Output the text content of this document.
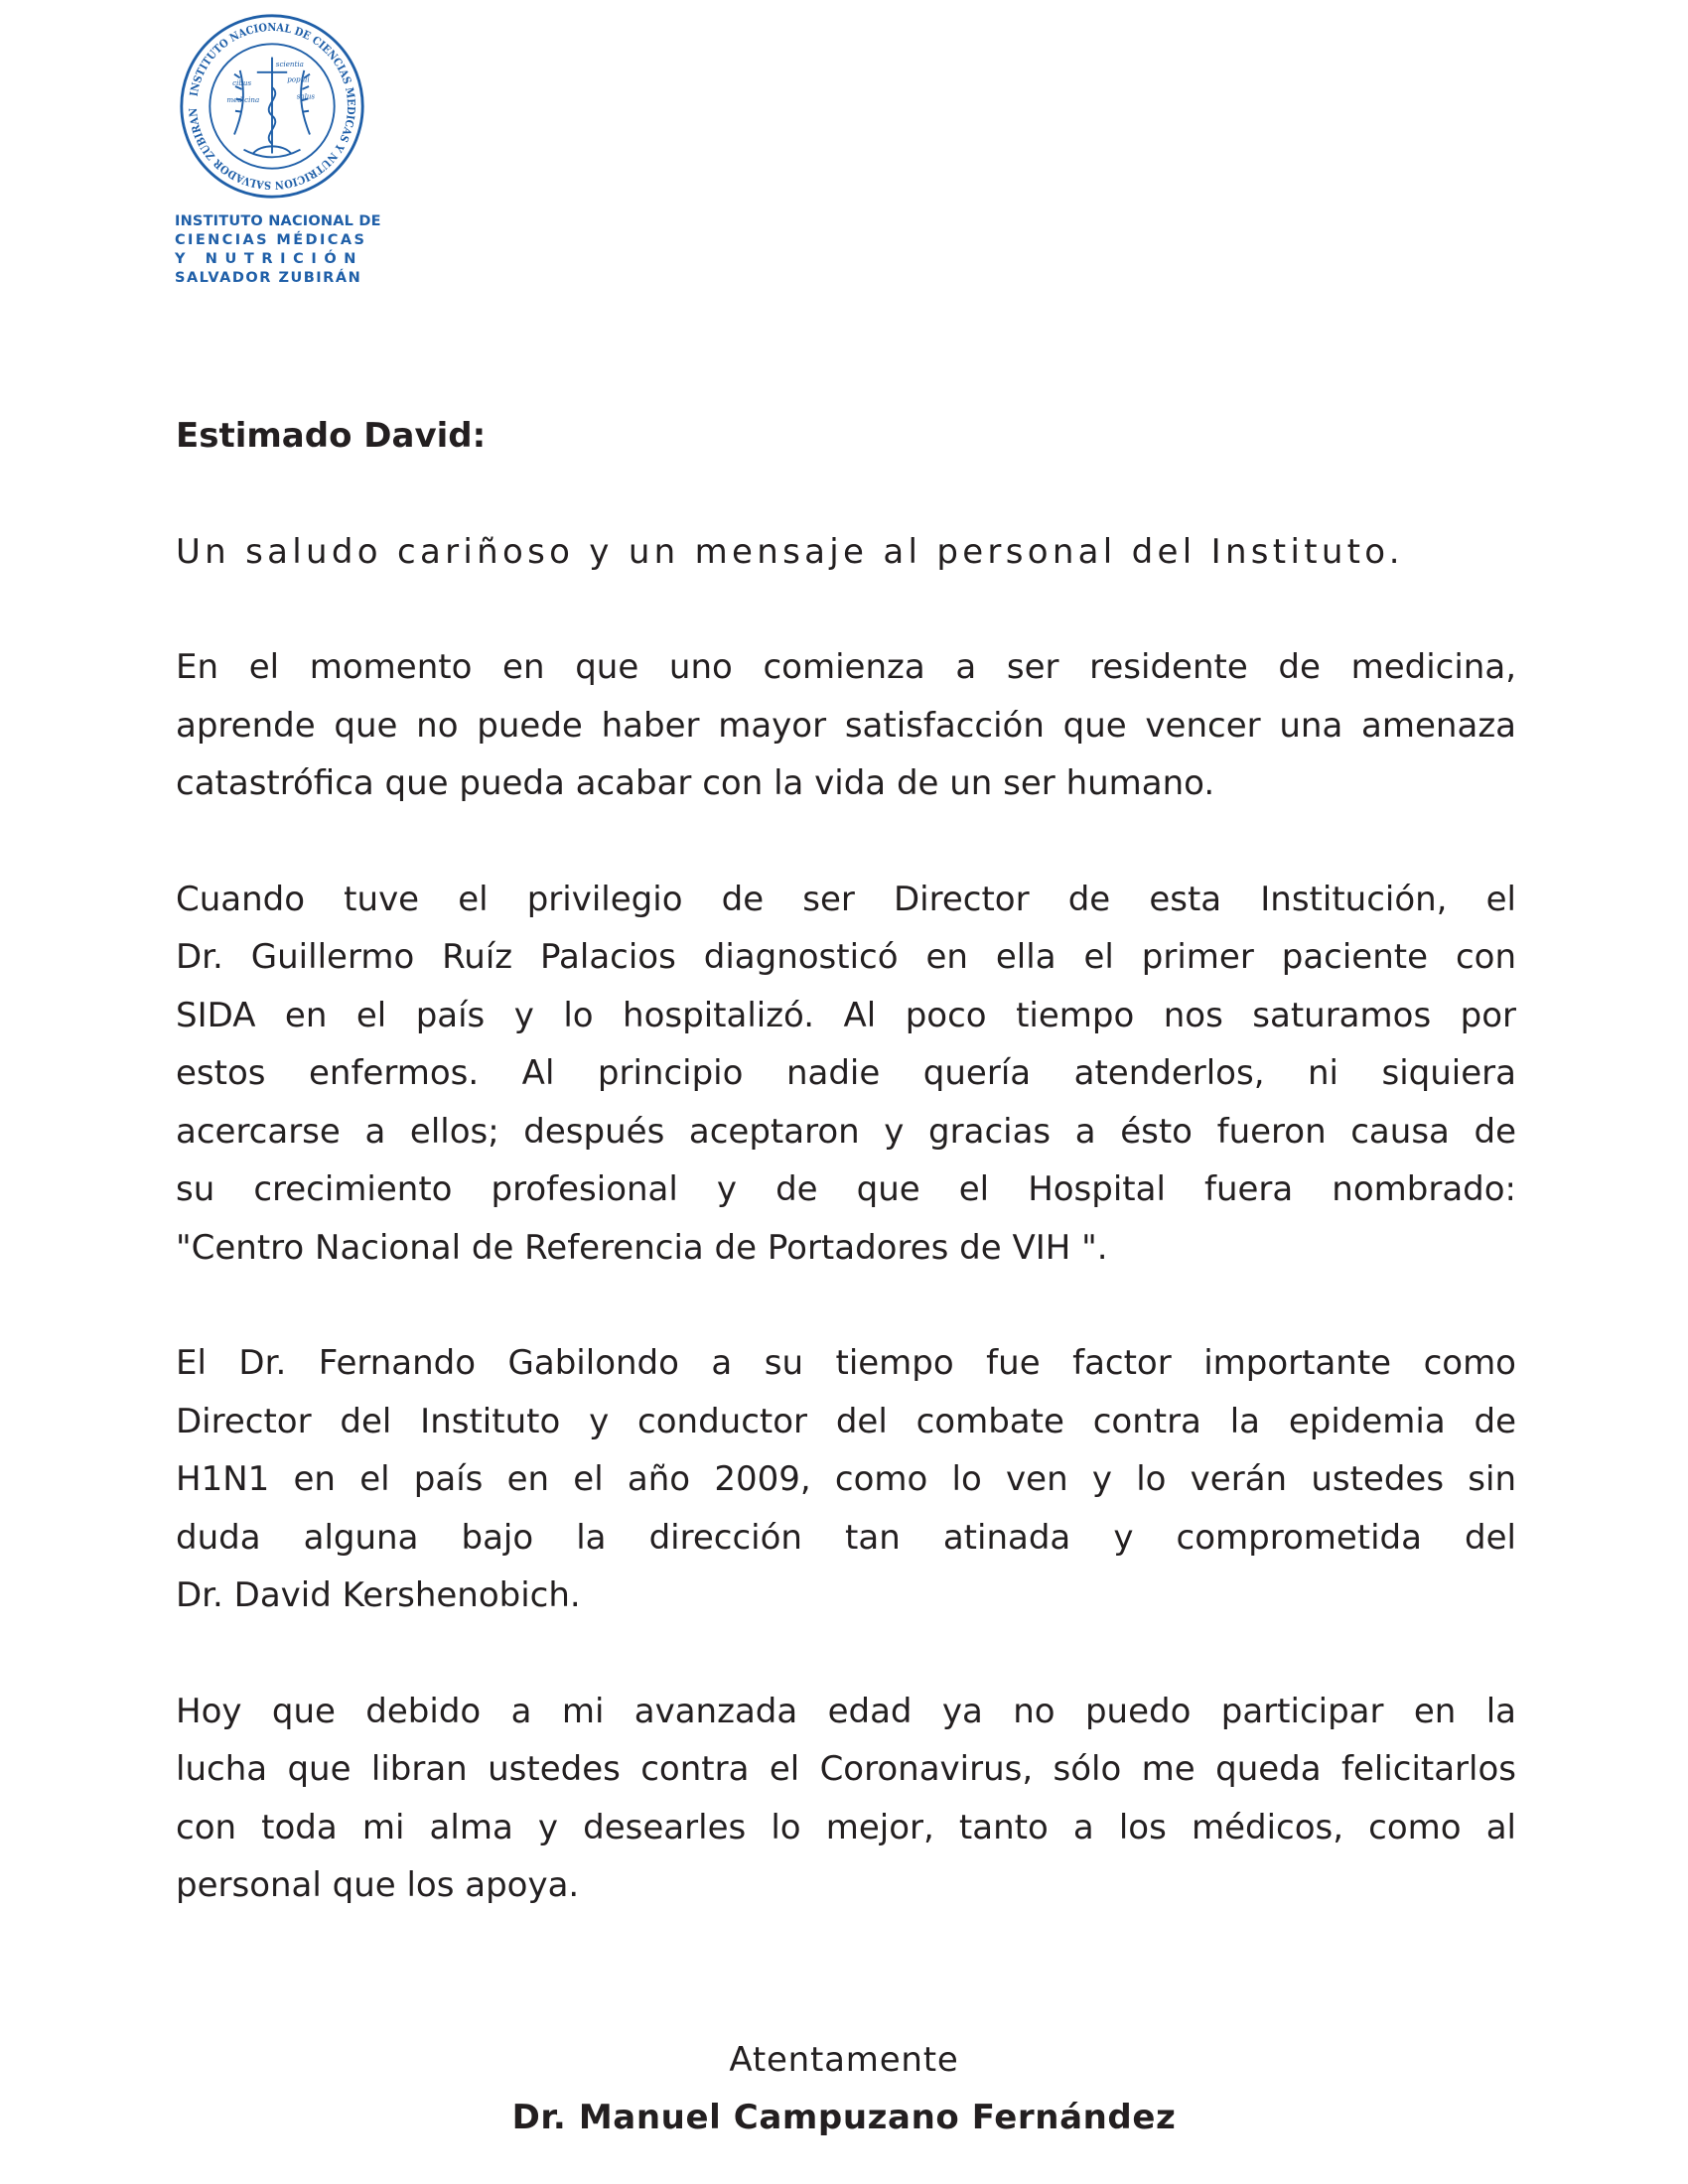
INSTITUTO NACIONAL DE CIENCIAS MEDICAS Y NUTRICION SALVADOR ZUBIRAN
scientia
populi
salus
cibus
medicina
INSTITUTO NACIONAL DE
CIENCIAS MÉDICAS
Y NUTRICIÓN
SALVADOR ZUBIRÁN

Estimado David:

Un saludo cariñoso y un mensaje al personal del Instituto.

En el momento en que uno comienza a ser residente de medicina,
aprende que no puede haber mayor satisfacción que vencer una amenaza
catastrófica que pueda acabar con la vida de un ser humano.

Cuando tuve el privilegio de ser Director de esta Institución, el
Dr. Guillermo Ruíz Palacios diagnosticó en ella el primer paciente con
SIDA en el país y lo hospitalizó. Al poco tiempo nos saturamos por
estos enfermos. Al principio nadie quería atenderlos, ni siquiera
acercarse a ellos; después aceptaron y gracias a ésto fueron causa de
su crecimiento profesional y de que el Hospital fuera nombrado:
"Centro Nacional de Referencia de Portadores de VIH ".

El Dr. Fernando Gabilondo a su tiempo fue factor importante como
Director del Instituto y conductor del combate contra la epidemia de
H1N1 en el país en el año 2009, como lo ven y lo verán ustedes sin
duda alguna bajo la dirección tan atinada y comprometida del
Dr. David Kershenobich.

Hoy que debido a mi avanzada edad ya no puedo participar en la
lucha que libran ustedes contra el Coronavirus, sólo me queda felicitarlos
con toda mi alma y desearles lo mejor, tanto a los médicos, como al
personal que los apoya.

Atentamente
Dr. Manuel Campuzano Fernández
